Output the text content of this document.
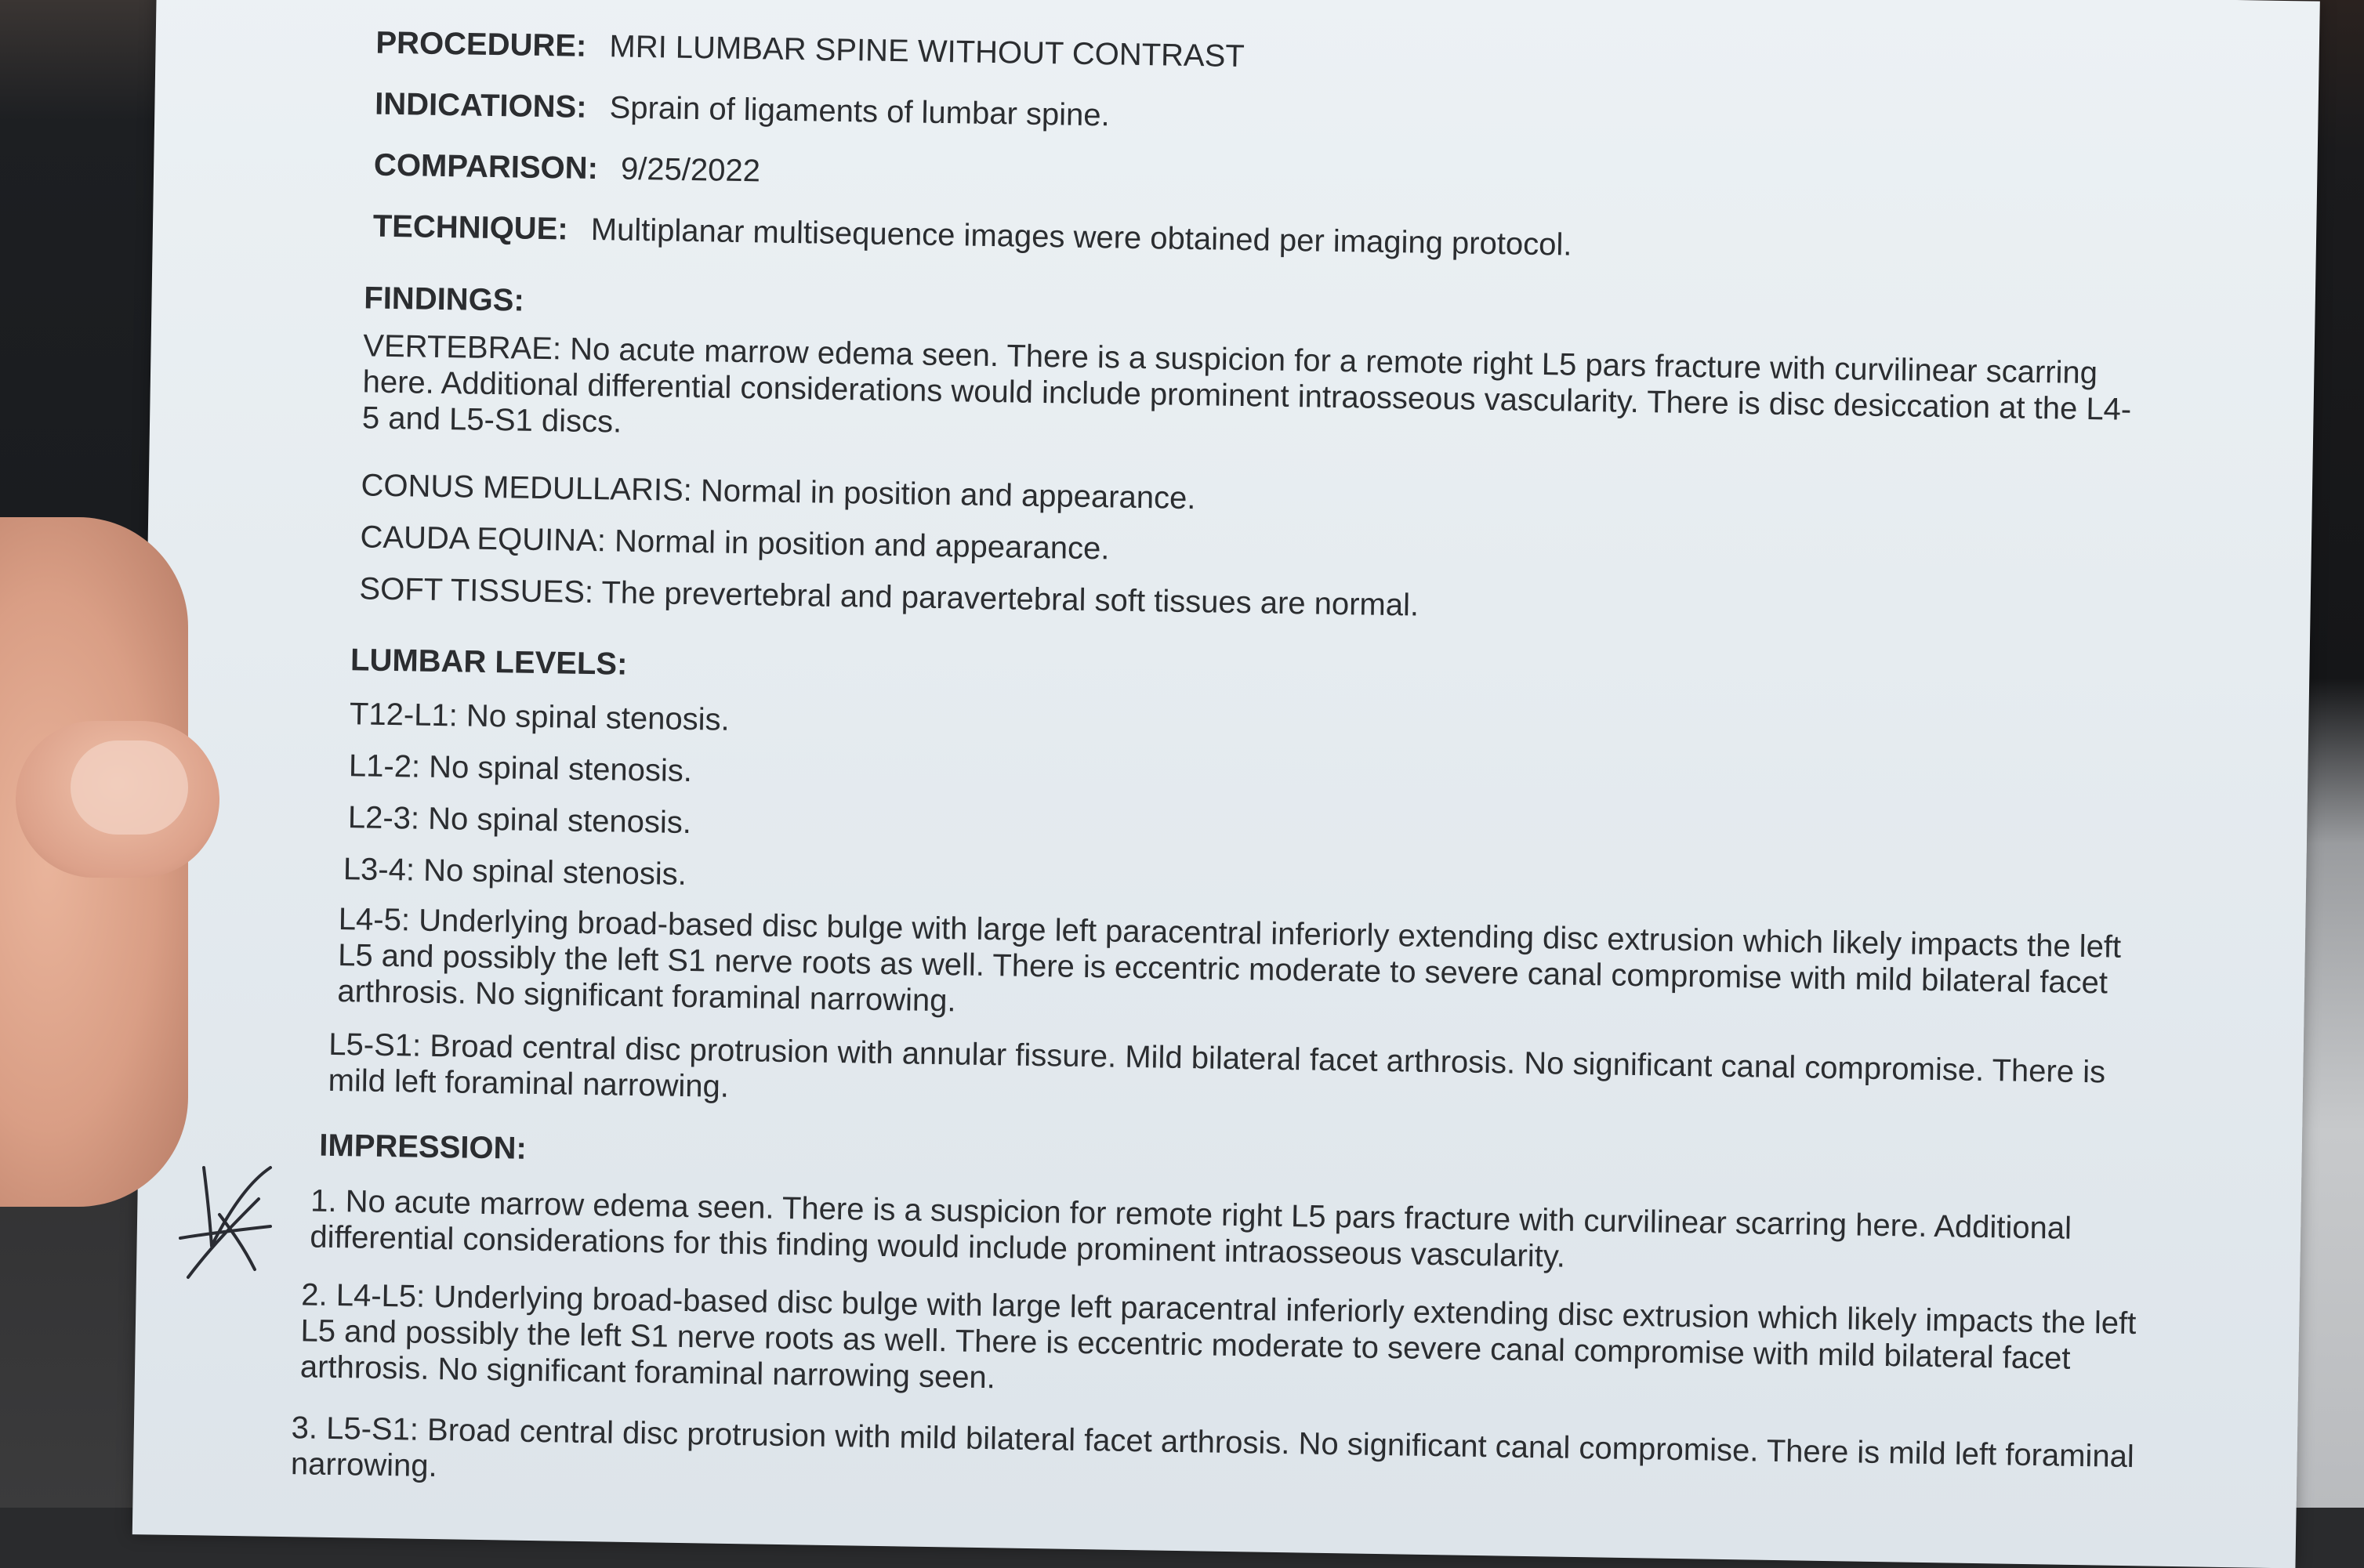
PROCEDURE: MRI LUMBAR SPINE WITHOUT CONTRAST
INDICATIONS: Sprain of ligaments of lumbar spine.
COMPARISON: 9/25/2022
TECHNIQUE: Multiplanar multisequence images were obtained per imaging protocol.
FINDINGS:
VERTEBRAE: No acute marrow edema seen. There is a suspicion for a remote right L5 pars fracture with curvilinear scarring here. Additional differential considerations would include prominent intraosseous vascularity. There is disc desiccation at the L4-5 and L5-S1 discs.
CONUS MEDULLARIS: Normal in position and appearance.
CAUDA EQUINA: Normal in position and appearance.
SOFT TISSUES: The prevertebral and paravertebral soft tissues are normal.
LUMBAR LEVELS:
T12-L1: No spinal stenosis.
L1-2: No spinal stenosis.
L2-3: No spinal stenosis.
L3-4: No spinal stenosis.
L4-5: Underlying broad-based disc bulge with large left paracentral inferiorly extending disc extrusion which likely impacts the left L5 and possibly the left S1 nerve roots as well. There is eccentric moderate to severe canal compromise with mild bilateral facet arthrosis. No significant foraminal narrowing.
L5-S1: Broad central disc protrusion with annular fissure. Mild bilateral facet arthrosis. No significant canal compromise. There is mild left foraminal narrowing.
IMPRESSION:
1. No acute marrow edema seen. There is a suspicion for remote right L5 pars fracture with curvilinear scarring here. Additional differential considerations for this finding would include prominent intraosseous vascularity.
2. L4-L5: Underlying broad-based disc bulge with large left paracentral inferiorly extending disc extrusion which likely impacts the left L5 and possibly the left S1 nerve roots as well. There is eccentric moderate to severe canal compromise with mild bilateral facet arthrosis. No significant foraminal narrowing seen.
3. L5-S1: Broad central disc protrusion with mild bilateral facet arthrosis. No significant canal compromise. There is mild left foraminal narrowing.
